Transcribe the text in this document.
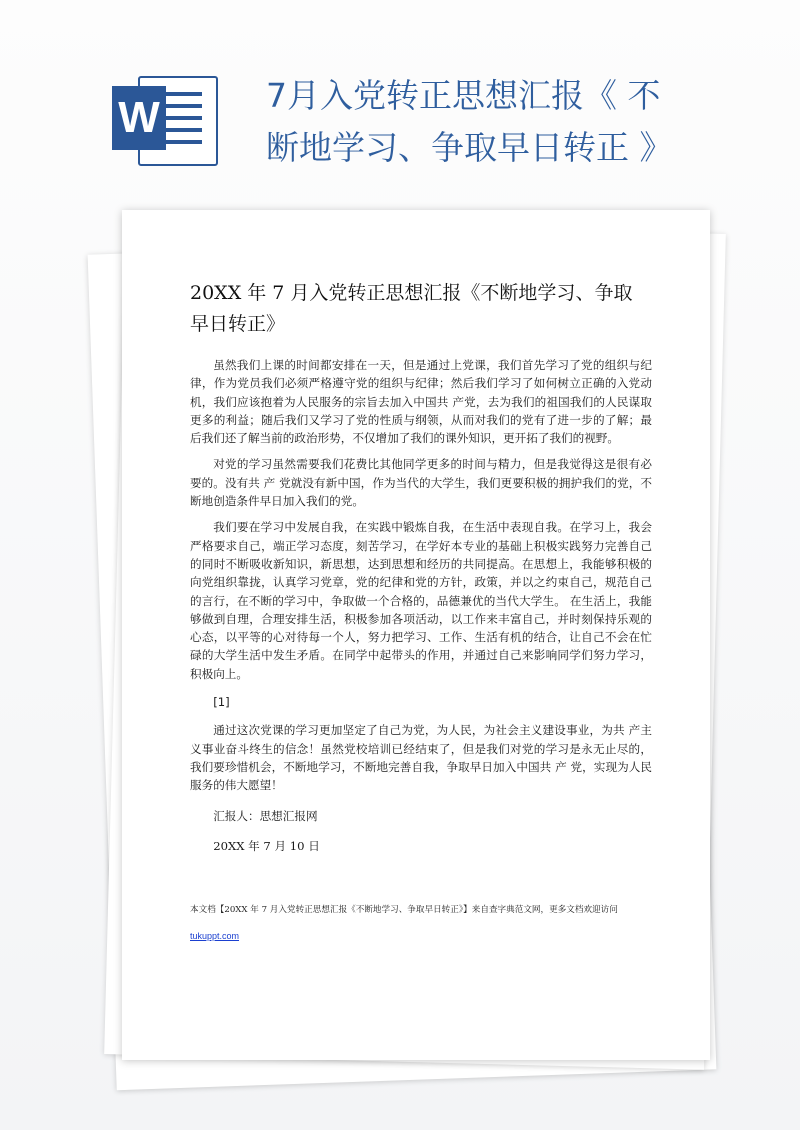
W	7月入党转正思想汇报《 不断地学习、争取早日转正 》
20XX 年 7 月入党转正思想汇报《不断地学习、争取早日转正》

虽然我们上课的时间都安排在一天，但是通过上党课，我们首先学习了党的组织与纪律，作为党员我们必须严格遵守党的组织与纪律；然后我们学习了如何树立正确的入党动机，我们应该抱着为人民服务的宗旨去加入中国共 产党，去为我们的祖国我们的人民谋取更多的利益；随后我们又学习了党的性质与纲领，从而对我们的党有了进一步的了解；最后我们还了解当前的政治形势，不仅增加了我们的课外知识，更开拓了我们的视野。

对党的学习虽然需要我们花费比其他同学更多的时间与精力，但是我觉得这是很有必要的。没有共 产 党就没有新中国，作为当代的大学生，我们更要积极的拥护我们的党，不断地创造条件早日加入我们的党。

我们要在学习中发展自我，在实践中锻炼自我，在生活中表现自我。在学习上，我会严格要求自己，端正学习态度，刻苦学习，在学好本专业的基础上积极实践努力完善自己的同时不断吸收新知识，新思想，达到思想和经历的共同提高。在思想上，我能够积极的向党组织靠拢，认真学习党章，党的纪律和党的方针，政策，并以之约束自己，规范自己的言行，在不断的学习中，争取做一个合格的，品德兼优的当代大学生。 在生活上，我能够做到自理，合理安排生活，积极参加各项活动，以工作来丰富自己，并时刻保持乐观的心态，以平等的心对待每一个人，努力把学习、工作、生活有机的结合，让自己不会在忙碌的大学生活中发生矛盾。在同学中起带头的作用，并通过自己来影响同学们努力学习，积极向上。

[1]

通过这次党课的学习更加坚定了自己为党，为人民，为社会主义建设事业，为共 产主义事业奋斗终生的信念！虽然党校培训已经结束了，但是我们对党的学习是永无止尽的，我们要珍惜机会，不断地学习，不断地完善自我，争取早日加入中国共 产 党，实现为人民服务的伟大愿望！

汇报人：思想汇报网
20XX 年 7 月 10 日
本文档【20XX 年 7 月入党转正思想汇报《不断地学习、争取早日转正》】来自查字典范文网，更多文档欢迎访问
tukuppt.com
